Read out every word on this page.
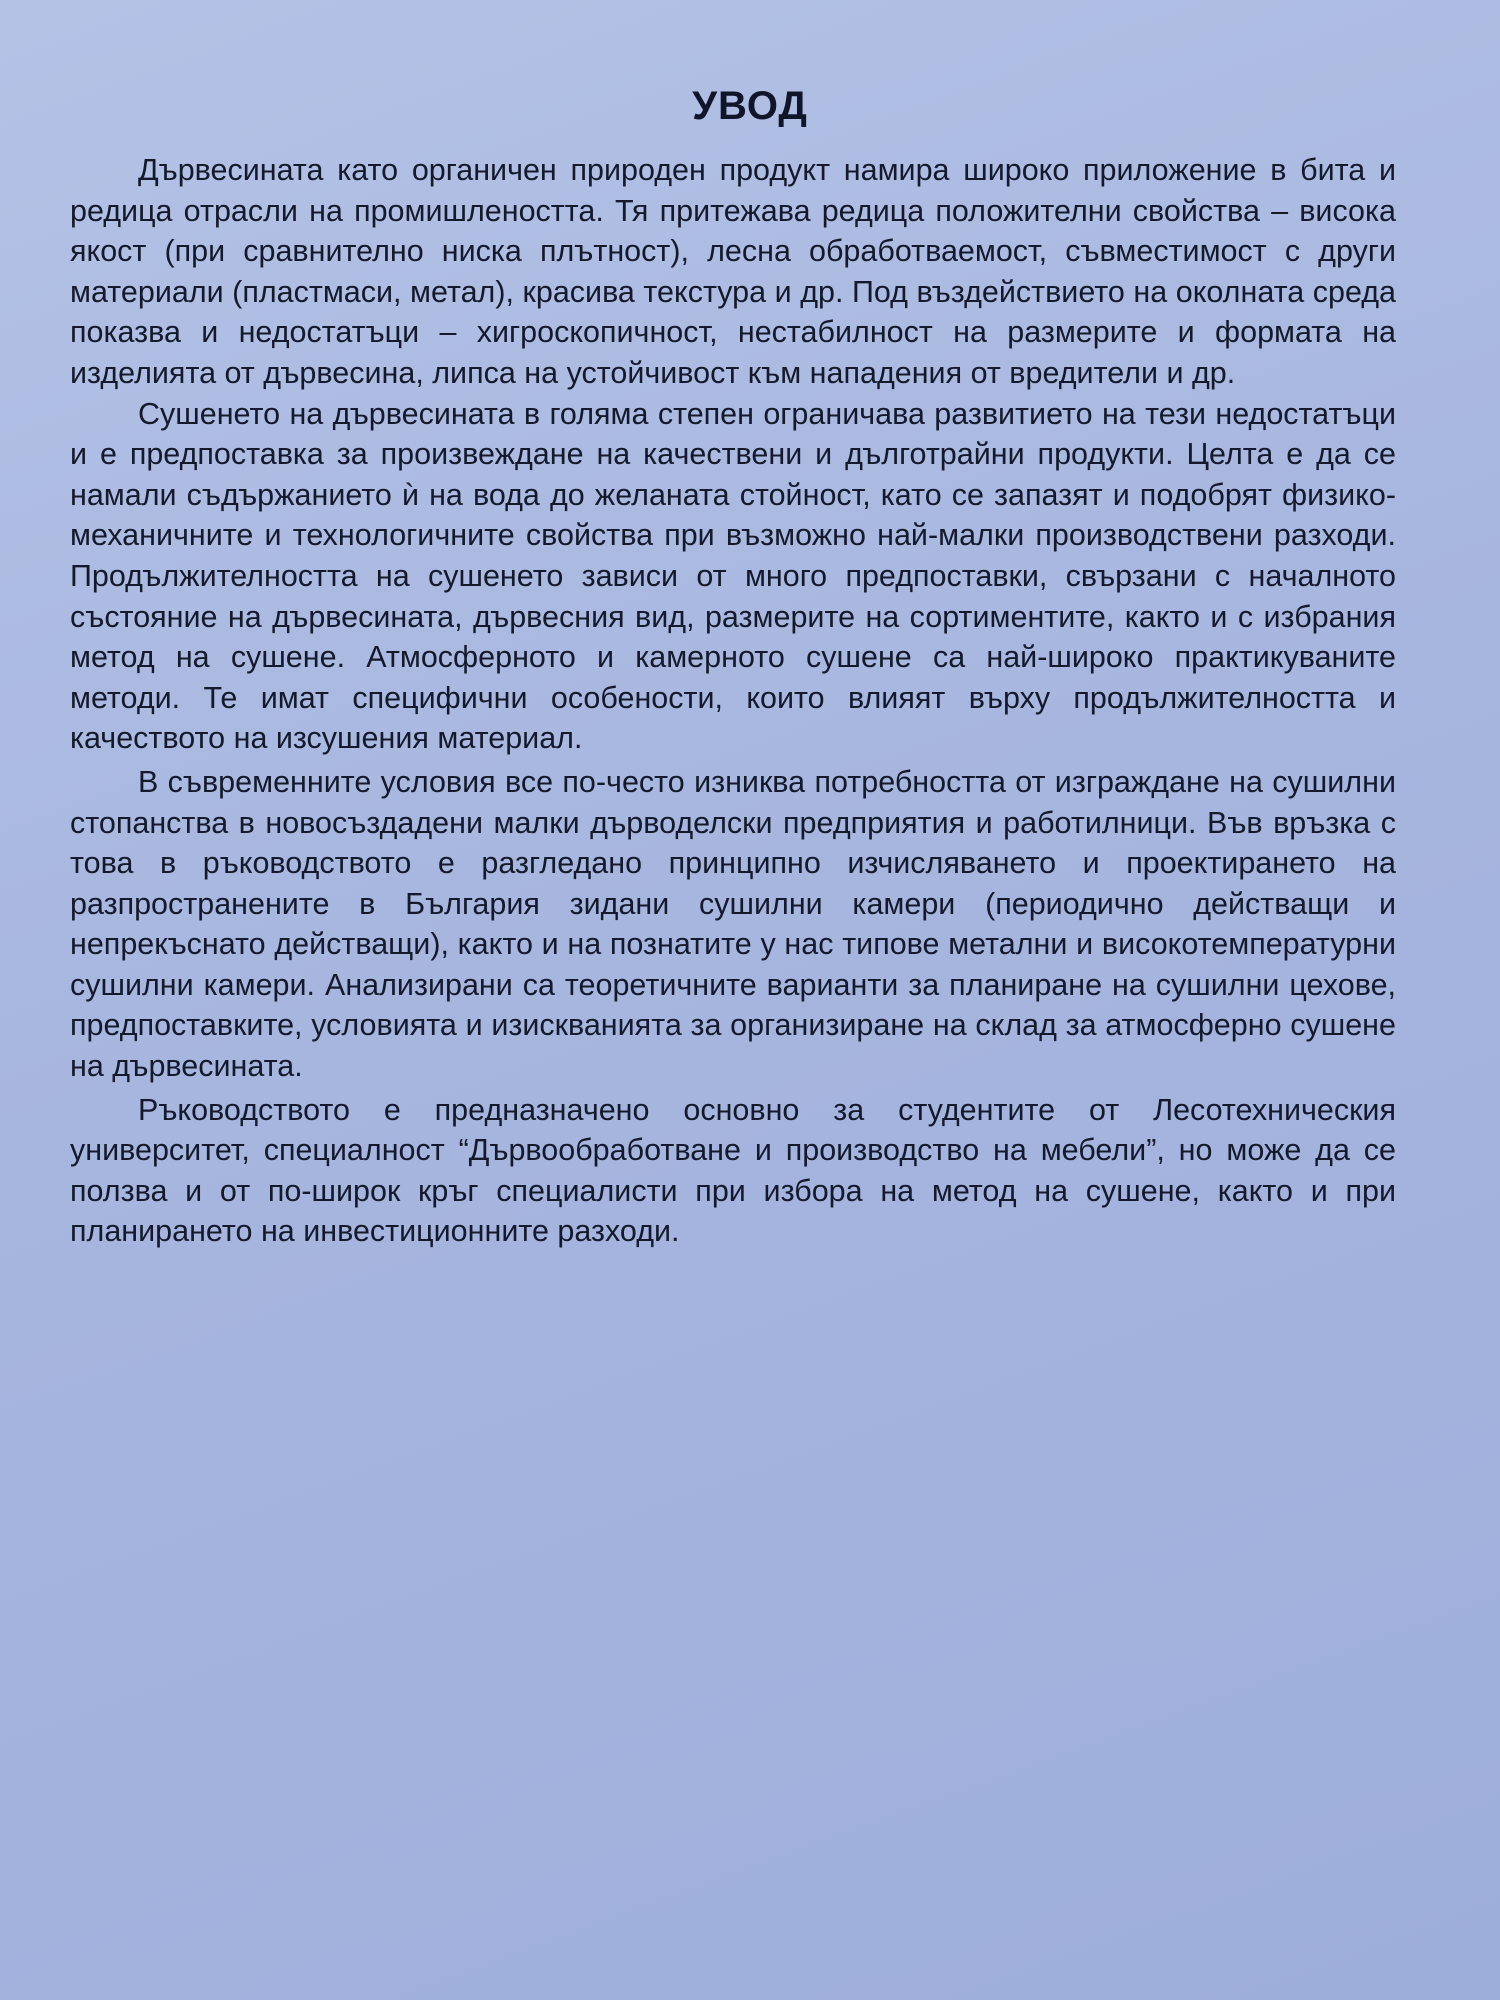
УВОД

Дървесината като органичен природен продукт намира широко приложение в бита и редица отрасли на промишлеността. Тя притежава редица положителни свойства – висока якост (при сравнително ниска плътност), лесна обработваемост, съвместимост с други материали (пластмаси, метал), красива текстура и др. Под въздействието на околната среда показва и недостатъци – хигроскопичност, нестабилност на размерите и формата на изделията от дървесина, липса на устойчивост към нападения от вредители и др.

Сушенето на дървесината в голяма степен ограничава развитието на тези недостатъци и е предпоставка за произвеждане на качествени и дълготрайни продукти. Целта е да се намали съдържанието ѝ на вода до желаната стойност, като се запазят и подобрят физико-механичните и технологичните свойства при възможно най-малки производствени разходи. Продължителността на сушенето зависи от много предпоставки, свързани с началното състояние на дървесината, дървесния вид, размерите на сортиментите, както и с избрания метод на сушене. Атмосферното и камерното сушене са най-широко практикуваните методи. Те имат специфични особености, които влияят върху продължителността и качеството на изсушения материал.

В съвременните условия все по-често изниква потребността от изграждане на сушилни стопанства в новосъздадени малки дърводелски предприятия и работилници. Във връзка с това в ръководството е разгледано принципно изчисляването и проектирането на разпространените в България зидани сушилни камери (периодично действащи и непрекъснато действащи), както и на познатите у нас типове метални и високотемпературни сушилни камери. Анализирани са теоретичните варианти за планиране на сушилни цехове, предпоставките, условията и изискванията за организиране на склад за атмосферно сушене на дървесината.

Ръководството е предназначено основно за студентите от Лесотехническия университет, специалност “Дървообработване и производство на мебели”, но може да се ползва и от по-широк кръг специалисти при избора на метод на сушене, както и при планирането на инвестиционните разходи.
